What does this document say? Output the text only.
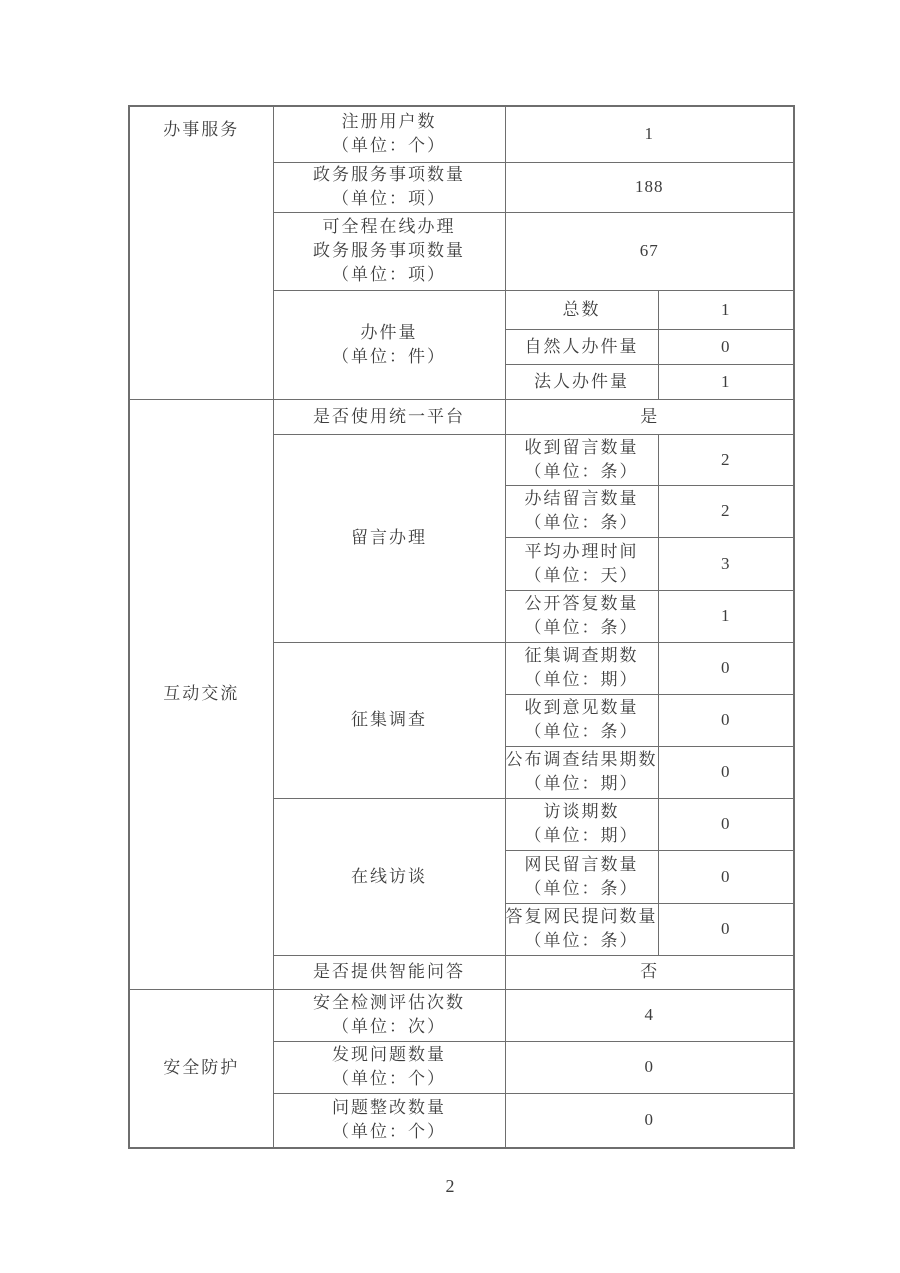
办事服务	注册用户数
（单位：个）	1	

	政务服务事项数量
（单位：项）	188	

	可全程在线办理
政务服务事项数量
（单位：项）	67	

	办件量
（单位：件）	总数	1

		自然人办件量	0

		法人办件量	1

互动交流	是否使用统一平台	是	

	留言办理	收到留言数量
（单位：条）	2

		办结留言数量
（单位：条）	2

		平均办理时间
（单位：天）	3

		公开答复数量
（单位：条）	1

	征集调查	征集调查期数
（单位：期）	0

		收到意见数量
（单位：条）	0

		公布调查结果期数
（单位：期）	0

	在线访谈	访谈期数
（单位：期）	0

		网民留言数量
（单位：条）	0

		答复网民提问数量
（单位：条）	0

	是否提供智能问答	否	

安全防护	安全检测评估次数
（单位：次）	4	

	发现问题数量
（单位：个）	0	

	问题整改数量
（单位：个）	0	
2
